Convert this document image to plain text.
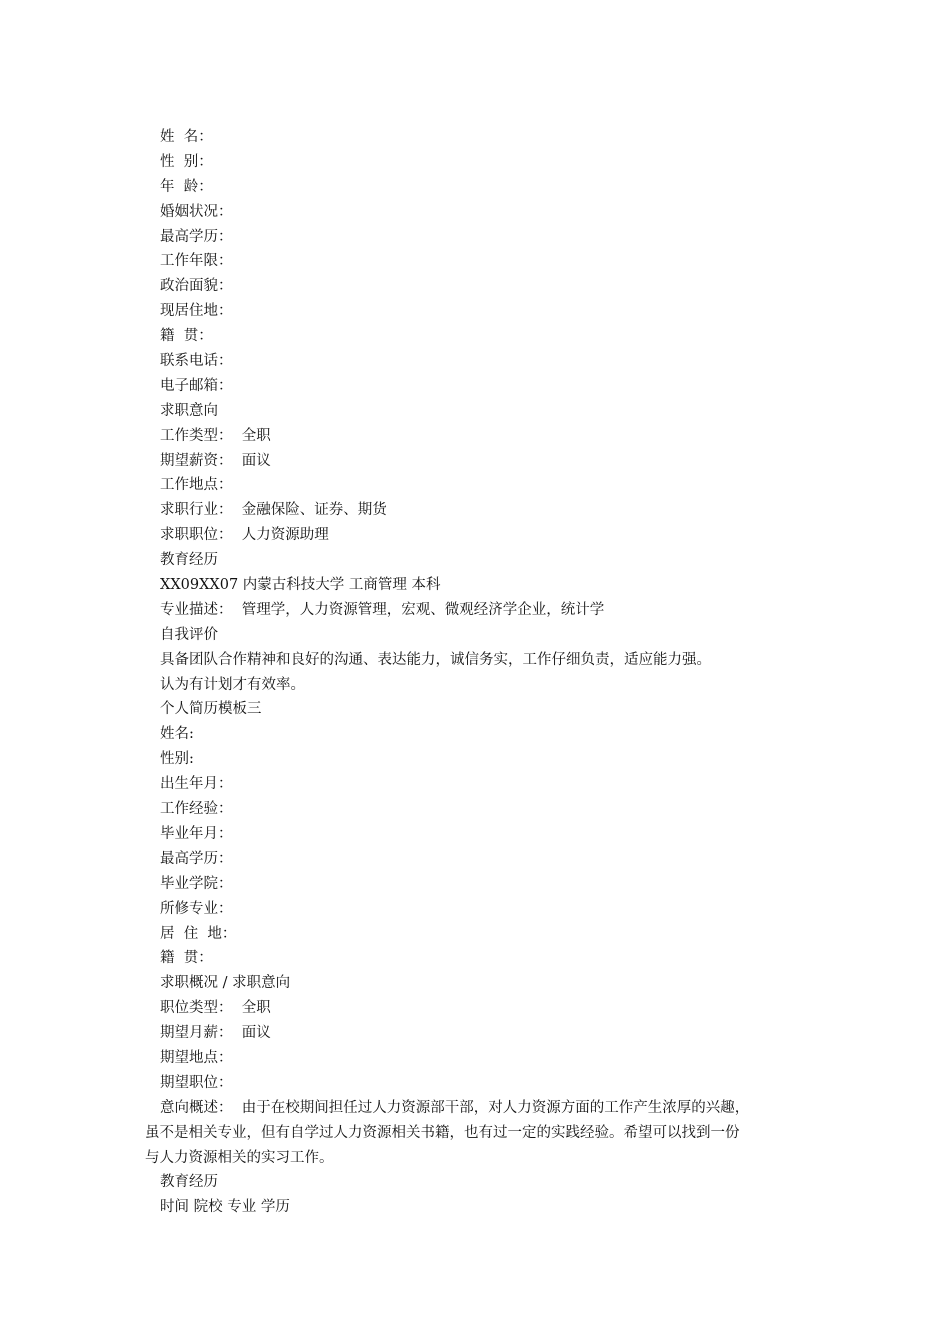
姓  名：
性  别：
年  龄：
婚姻状况：
最高学历：
工作年限：
政治面貌：
现居住地：
籍  贯：
联系电话：
电子邮箱：
求职意向
工作类型：  全职
期望薪资：  面议
工作地点：
求职行业：  金融保险、证券、期货
求职职位：  人力资源助理
教育经历
XX09XX07 内蒙古科技大学 工商管理 本科
专业描述：  管理学，人力资源管理，宏观、微观经济学企业，统计学
自我评价
具备团队合作精神和良好的沟通、表达能力，诚信务实，工作仔细负责，适应能力强。
认为有计划才有效率。
个人简历模板三
姓名:
性别:
出生年月：
工作经验：
毕业年月：
最高学历：
毕业学院：
所修专业：
居  住  地：
籍  贯：
求职概况 / 求职意向
职位类型：  全职
期望月薪：  面议
期望地点：
期望职位：
意向概述：  由于在校期间担任过人力资源部干部，对人力资源方面的工作产生浓厚的兴趣，
虽不是相关专业，但有自学过人力资源相关书籍，也有过一定的实践经验。希望可以找到一份
与人力资源相关的实习工作。
教育经历
时间 院校 专业 学历
